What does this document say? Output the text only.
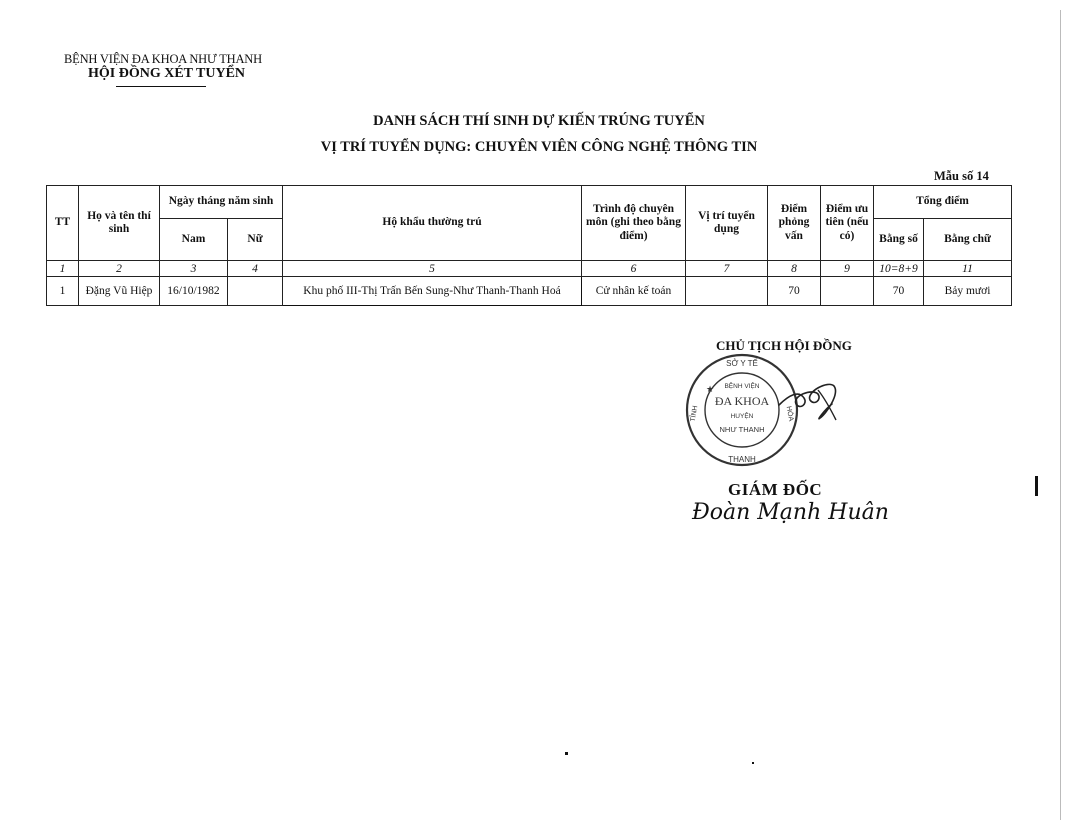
BỆNH VIỆN ĐA KHOA NHƯ THANH
HỘI ĐỒNG XÉT TUYỂN
DANH SÁCH THÍ SINH DỰ KIẾN TRÚNG TUYỂN
VỊ TRÍ TUYỂN DỤNG: CHUYÊN VIÊN CÔNG NGHỆ THÔNG TIN
Mẫu số 14
TT	Họ và tên thí sinh	Ngày tháng năm sinh		Hộ khẩu thường trú	Trình độ chuyên môn (ghi theo bằng điểm)	Vị trí tuyển dụng	Điểm phỏng vấn	Điểm ưu tiên (nếu có)	Tổng điểm	
		Nam	Nữ						Bằng số	Bằng chữ
1	2	3	4	5	6	7	8	9	10=8+9	11
1	Đặng Vũ Hiệp	16/10/1982		Khu phố III-Thị Trấn Bến Sung-Như Thanh-Thanh Hoá	Cử nhân kế toán		70		70	Bảy mươi
CHỦ TỊCH HỘI ĐỒNG
SỞ Y TẾ
THANH
TỈNH	HÓA
BỆNH VIỆN
ĐA KHOA
HUYỆN
NHƯ THANH
★
GIÁM ĐỐC
Đoàn Mạnh Huân
